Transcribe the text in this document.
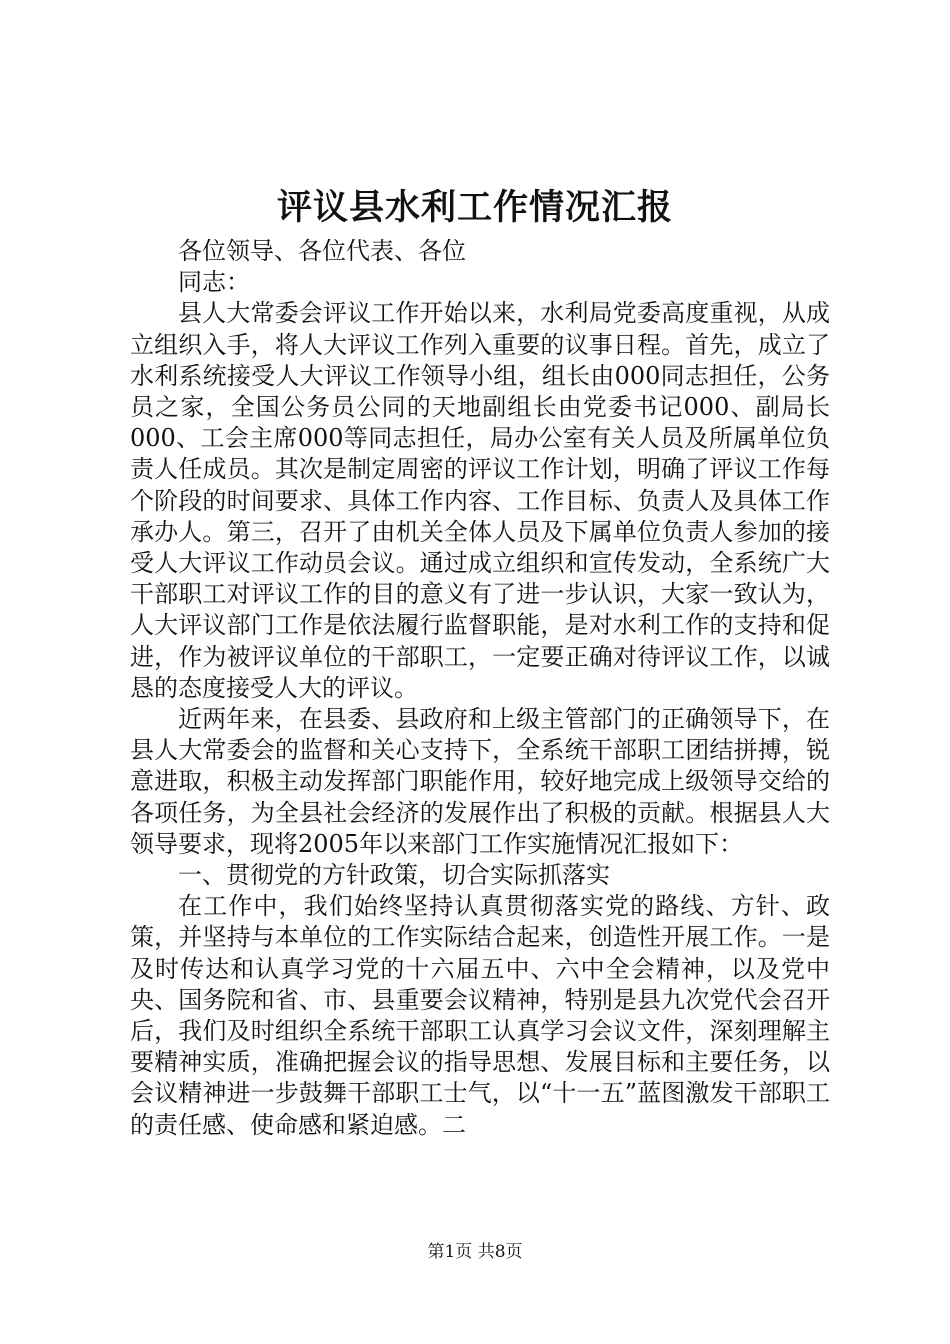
评议县水利工作情况汇报

各位领导、各位代表、各位

同志：

县人大常委会评议工作开始以来，水利局党委高度重视，从成立组织入手，将人大评议工作列入重要的议事日程。首先，成立了水利系统接受人大评议工作领导小组，组长由000同志担任，公务员之家，全国公务员公同的天地副组长由党委书记000、副局长000、工会主席000等同志担任，局办公室有关人员及所属单位负责人任成员。其次是制定周密的评议工作计划，明确了评议工作每个阶段的时间要求、具体工作内容、工作目标、负责人及具体工作承办人。第三，召开了由机关全体人员及下属单位负责人参加的接受人大评议工作动员会议。通过成立组织和宣传发动，全系统广大干部职工对评议工作的目的意义有了进一步认识，大家一致认为，人大评议部门工作是依法履行监督职能，是对水利工作的支持和促进，作为被评议单位的干部职工，一定要正确对待评议工作，以诚恳的态度接受人大的评议。

近两年来，在县委、县政府和上级主管部门的正确领导下，在县人大常委会的监督和关心支持下，全系统干部职工团结拼搏，锐意进取，积极主动发挥部门职能作用，较好地完成上级领导交给的各项任务，为全县社会经济的发展作出了积极的贡献。根据县人大领导要求，现将2005年以来部门工作实施情况汇报如下：

一、贯彻党的方针政策，切合实际抓落实

在工作中，我们始终坚持认真贯彻落实党的路线、方针、政策，并坚持与本单位的工作实际结合起来，创造性开展工作。一是及时传达和认真学习党的十六届五中、六中全会精神，以及党中央、国务院和省、市、县重要会议精神，特别是县九次党代会召开后，我们及时组织全系统干部职工认真学习会议文件，深刻理解主要精神实质，准确把握会议的指导思想、发展目标和主要任务，以会议精神进一步鼓舞干部职工士气，以“十一五”蓝图激发干部职工的责任感、使命感和紧迫感。二

第1页 共8页
